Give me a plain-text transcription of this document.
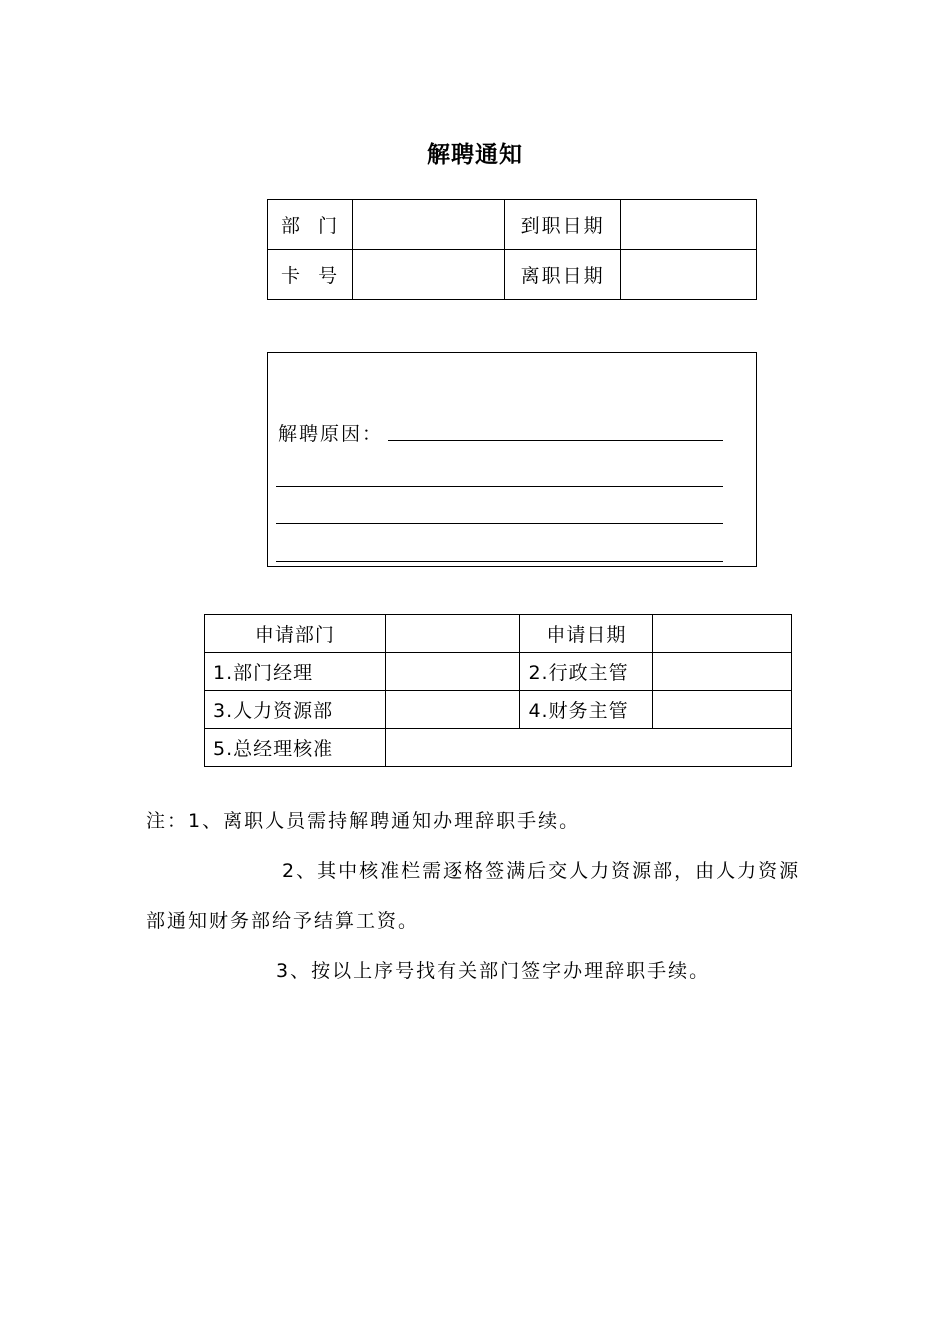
解聘通知
部  门		到职日期	
卡  号		离职日期	
解聘原因：
申请部门		申请日期	
1.部门经理		2.行政主管	
3.人力资源部		4.财务主管	
5.总经理核准			
注：1、离职人员需持解聘通知办理辞职手续。
2、其中核准栏需逐格签满后交人力资源部，由人力资源
部通知财务部给予结算工资。
3、按以上序号找有关部门签字办理辞职手续。
